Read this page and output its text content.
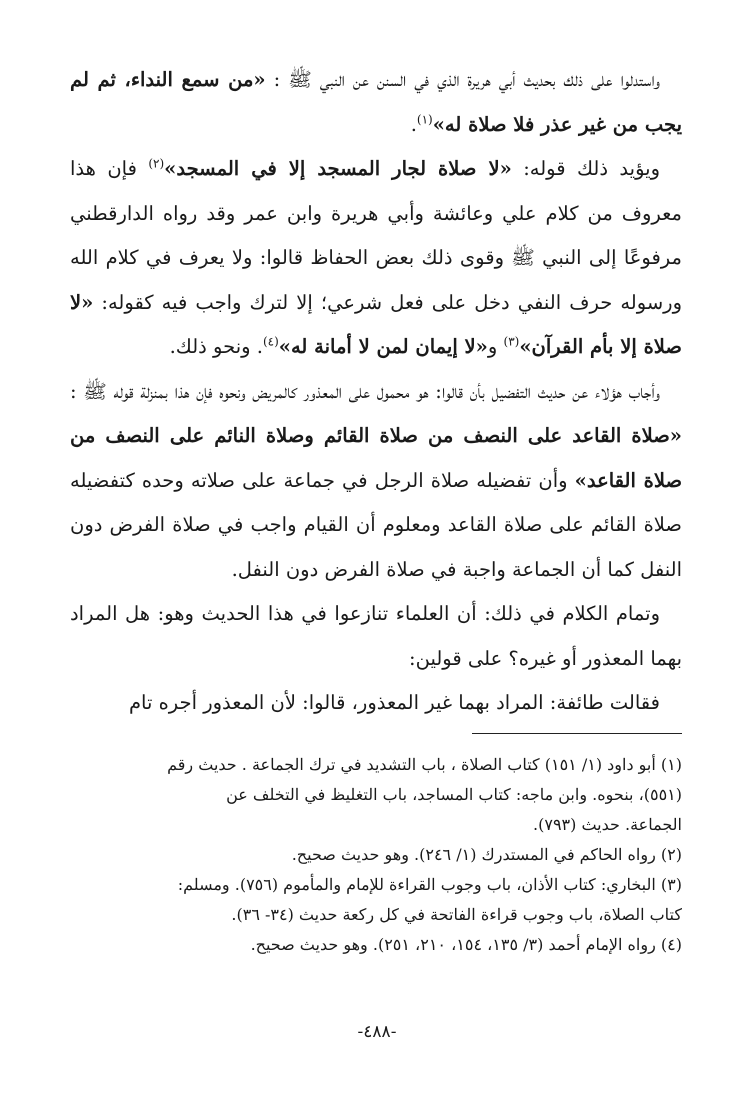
واستدلوا على ذلك بحديث أبي هريرة الذي في السنن عن النبي ﷺ : «من سمع النداء، ثم لم يجب من غير عذر فلا صلاة له»$^{(١)}$.

ويؤيد ذلك قوله: «لا صلاة لجار المسجد إلا في المسجد»$^{(٢)}$ فإن هذا معروف من كلام علي وعائشة وأبي هريرة وابن عمر وقد رواه الدارقطني مرفوعًا إلى النبي ﷺ وقوى ذلك بعض الحفاظ قالوا: ولا يعرف في كلام الله ورسوله حرف النفي دخل على فعل شرعي؛ إلا لترك واجب فيه كقوله: «لا صلاة إلا بأم القرآن»$^{(٣)}$ و«لا إيمان لمن لا أمانة له»$^{(٤)}$. ونحو ذلك.

وأجاب هؤلاء عن حديث التفضيل بأن قالوا: هو محمول على المعذور كالمريض ونحوه فإن هذا بمنزلة قوله ﷺ : «صلاة القاعد على النصف من صلاة القائم وصلاة النائم على النصف من صلاة القاعد» وأن تفضيله صلاة الرجل في جماعة على صلاته وحده كتفضيله صلاة القائم على صلاة القاعد ومعلوم أن القيام واجب في صلاة الفرض دون النفل كما أن الجماعة واجبة في صلاة الفرض دون النفل.

وتمام الكلام في ذلك: أن العلماء تنازعوا في هذا الحديث وهو: هل المراد بهما المعذور أو غيره؟ على قولين:

فقالت طائفة: المراد بهما غير المعذور، قالوا: لأن المعذور أجره تام

(١) أبو داود (١/ ١٥١) كتاب الصلاة ، باب التشديد في ترك الجماعة . حديث رقم

(٥٥١)، بنحوه. وابن ماجه: كتاب المساجد، باب التغليظ في التخلف عن

الجماعة. حديث (٧٩٣).

(٢) رواه الحاكم في المستدرك (١/ ٢٤٦). وهو حديث صحيح.

(٣) البخاري: كتاب الأذان، باب وجوب القراءة للإمام والمأموم (٧٥٦). ومسلم:

كتاب الصلاة، باب وجوب قراءة الفاتحة في كل ركعة حديث (٣٤- ٣٦).

(٤) رواه الإمام أحمد (٣/ ١٣٥، ١٥٤، ٢١٠، ٢٥١). وهو حديث صحيح.

-٤٨٨-
